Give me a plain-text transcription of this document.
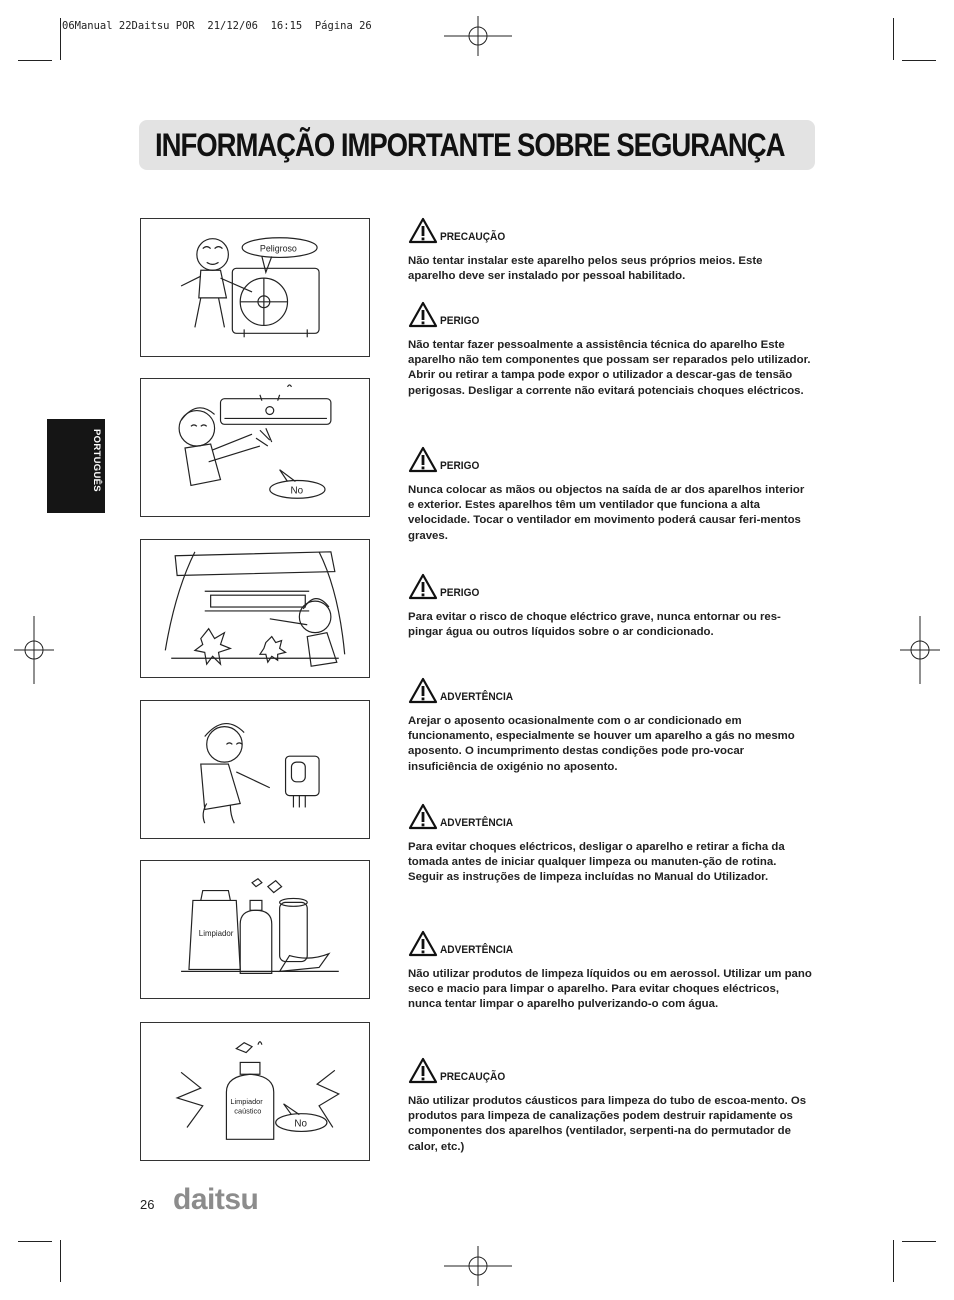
06Manual 22Daitsu POR  21/12/06  16:15  Página 26
INFORMAÇÃO IMPORTANTE SOBRE SEGURANÇA
PORTUGUÊS
Peligroso
No
Limpiador
Limpiador
caústico
No
PRECAUÇÃO
Não tentar instalar este aparelho pelos seus próprios meios. Este aparelho deve ser instalado por pessoal habilitado.
PERIGO
Não tentar fazer pessoalmente a assistência técnica do aparelho Este aparelho não tem componentes que possam ser reparados pelo utilizador. Abrir ou retirar a tampa pode expor o utilizador a descar-gas de tensão perigosas. Desligar a corrente não evitará potenciais choques eléctricos.
PERIGO
Nunca colocar as mãos ou objectos na saída de ar dos aparelhos interior e exterior. Estes aparelhos têm um ventilador que funciona a alta velocidade. Tocar o ventilador em movimento poderá causar feri-mentos graves.
PERIGO
Para evitar o risco de choque eléctrico grave, nunca entornar ou res-pingar água ou outros líquidos sobre o ar condicionado.
ADVERTÊNCIA
Arejar o aposento ocasionalmente com o ar condicionado em funcionamento, especialmente se houver um aparelho a gás no mesmo aposento. O incumprimento destas condições pode pro-vocar insuficiência de oxigénio no aposento.
ADVERTÊNCIA
Para evitar choques eléctricos, desligar o aparelho e retirar a ficha da tomada antes de iniciar qualquer limpeza ou manuten-ção de rotina. Seguir as instruções de limpeza incluídas no Manual do Utilizador.
ADVERTÊNCIA
Não utilizar produtos de limpeza líquidos ou em aerossol. Utilizar um pano seco e macio para limpar o aparelho. Para evitar choques eléctricos, nunca tentar limpar o aparelho pulverizando-o com água.
PRECAUÇÃO
Não utilizar produtos cáusticos para limpeza do tubo de escoa-mento. Os produtos para limpeza de canalizações podem destruir rapidamente os componentes dos aparelhos (ventilador, serpenti-na do permutador de calor, etc.)
26 daitsu
